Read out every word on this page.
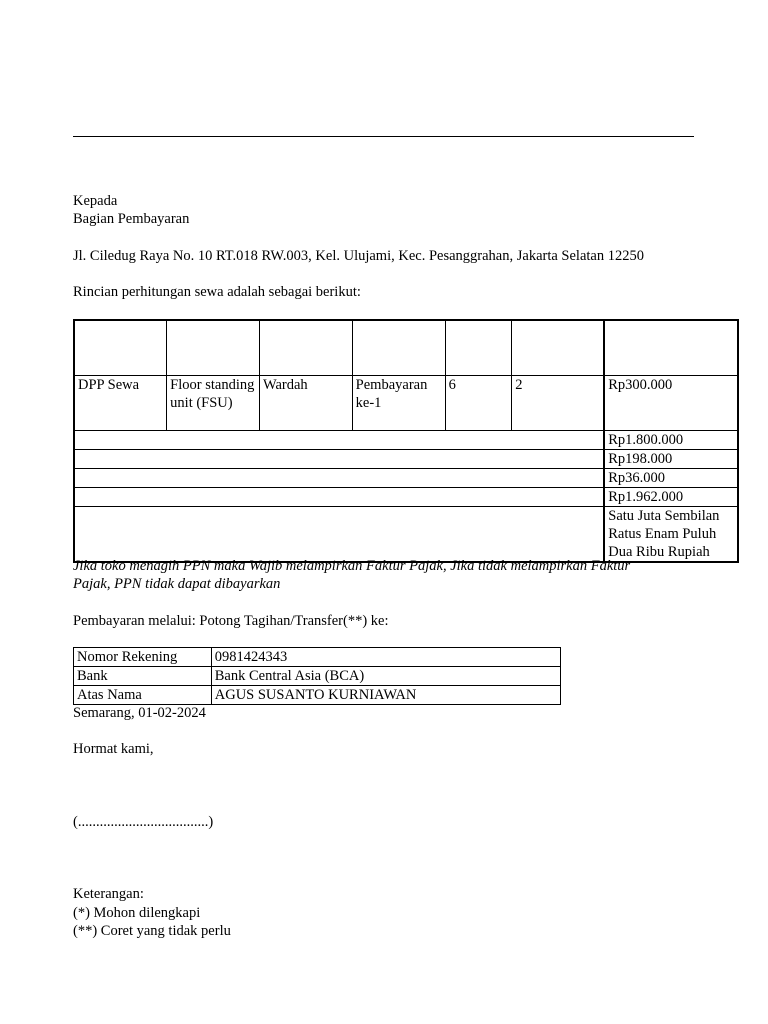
Kepada

Bagian Pembayaran

Jl. Ciledug Raya No. 10 RT.018 RW.003, Kel. Ulujami, Kec. Pesanggrahan, Jakarta Selatan 12250

Rincian perhitungan sewa adalah sebagai berikut:

DPP Sewa	Floor standing unit (FSU)	Wardah	Pembayaran ke-1	6	2	Rp300.000
						Rp1.800.000
						Rp198.000
						Rp36.000
						Rp1.962.000
						Satu Juta Sembilan Ratus Enam Puluh Dua Ribu Rupiah

Jika toko menagih PPN maka Wajib melampirkan Faktur Pajak, Jika tidak melampirkan Faktur

Pajak, PPN tidak dapat dibayarkan

Pembayaran melalui: Potong Tagihan/Transfer(**) ke:

Nomor Rekening	0981424343
Bank	Bank Central Asia (BCA)
Atas Nama	AGUS SUSANTO KURNIAWAN

Semarang, 01-02-2024

Hormat kami,

(....................................)

Keterangan:

(*) Mohon dilengkapi

(**) Coret yang tidak perlu
